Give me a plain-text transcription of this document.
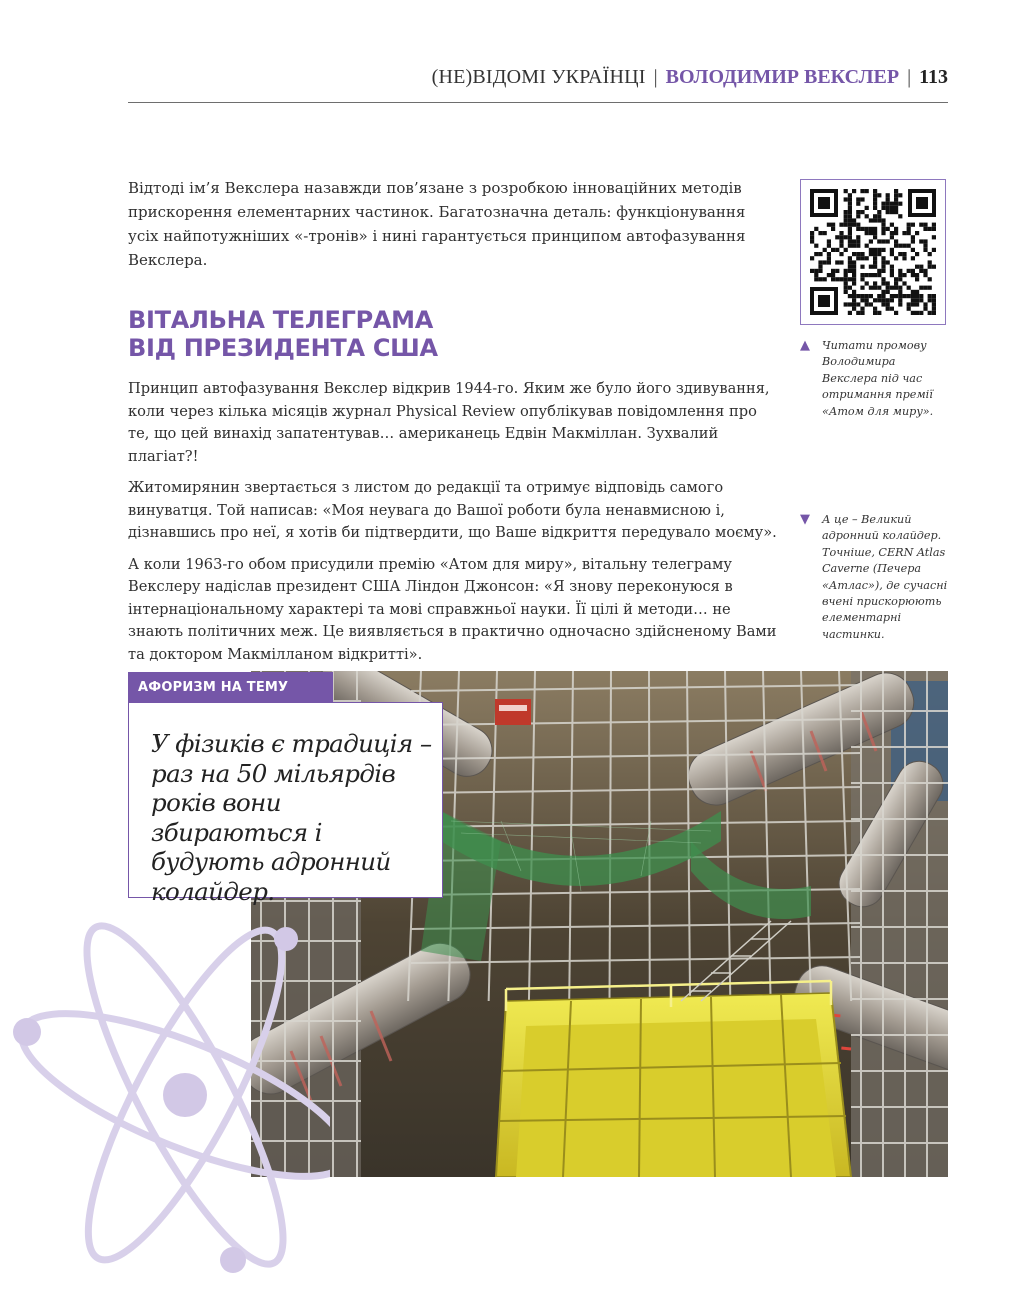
(НЕ)ВІДОМІ УКРАЇНЦІ | ВОЛОДИМИР ВЕКСЛЕР | 113

Відтоді ім’я Векслера назавжди пов’язане з розробкою інноваційних методів прискорення елементарних частинок. Багатозначна деталь: функціонування усіх найпотужніших «-тронів» і нині гарантується принципом автофазування Векслера.

ВІТАЛЬНА ТЕЛЕГРАМА
ВІД ПРЕЗИДЕНТА США

Принцип автофазування Векслер відкрив 1944-го. Яким же було його здивування, коли через кілька місяців журнал Physical Review опублікував повідомлення про те, що цей винахід запатентував… американець Едвін Макміллан. Зухвалий плагіат?!

Житомирянин звертається з листом до редакції та отримує відповідь самого винуватця. Той написав: «Моя неувага до Вашої роботи була ненавмисною і, дізнавшись про неї, я хотів би підтвердити, що Ваше відкриття передувало моєму».

А коли 1963-го обом присудили премію «Атом для миру», вітальну телеграму Векслеру надіслав президент США Ліндон Джонсон: «Я знову переконуюся в інтернаціональному характері та мові справжньої науки. Її цілі й методи… не знають політичних меж. Це виявляється в практично одночасно здійсненому Вами та доктором Макмілланом відкритті».

▲ Читати промову Володимира Векслера під час отримання премії «Атом для миру».
▼ А це – Великий адронний колайдер. Точніше, CERN Atlas Caverne (Печера «Атлас»), де сучасні вчені прискорюють елементарні частинки.
АФОРИЗМ НА ТЕМУ

У фізиків є традиція – раз на 50 мільярдів років вони збираються і будують адронний колайдер.
